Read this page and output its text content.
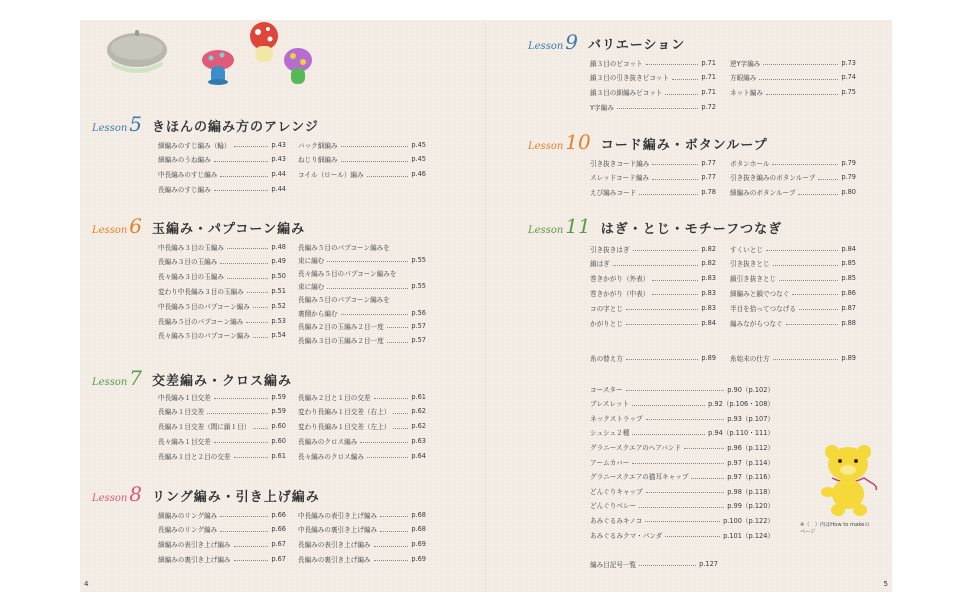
Lesson 5 きほんの編み方のアレンジ
細編みのすじ編み（輪）	p.43
細編みのうね編み	p.43
中長編みのすじ編み	p.44
長編みのすじ編み	p.44
バック細編み	p.45
ねじり細編み	p.45
コイル（ロール）編み	p.46
Lesson 6 玉編み・パプコーン編み
中長編み３目の玉編み	p.48
長編み３目の玉編み	p.49
長々編み３目の玉編み	p.50
変わり中長編み３目の玉編み	p.51
中長編み５目のパプコーン編み	p.52
長編み５目のパプコーン編み	p.53
長々編み５目のパプコーン編み	p.54
長編み５目のパプコーン編みを
束に編む	p.55
長々編み５目のパプコーン編みを
束に編む	p.55
長編み５目のパプコーン編みを
裏側から編む	p.56
長編み２目の玉編み２目一度	p.57
長編み３目の玉編み２目一度	p.57
Lesson 7 交差編み・クロス編み
中長編み１目交差	p.59
長編み１目交差	p.59
長編み１目交差（間に鎖１目）	p.60
長々編み１目交差	p.60
長編み１目と２目の交差	p.61
長編み２目と１目の交差	p.61
変わり長編み１目交差（右上）	p.62
変わり長編み１目交差（左上）	p.62
長編みのクロス編み	p.63
長々編みのクロス編み	p.64
Lesson 8 リング編み・引き上げ編み
細編みのリング編み	p.66
長編みのリング編み	p.66
細編みの表引き上げ編み	p.67
細編みの裏引き上げ編み	p.67
中長編みの表引き上げ編み	p.68
中長編みの裏引き上げ編み	p.68
長編みの表引き上げ編み	p.69
長編みの裏引き上げ編み	p.69
4
Lesson 9 バリエーション
鎖３目のピコット	p.71
鎖３目の引き抜きピコット	p.71
鎖３目の細編みピコット	p.71
Y字編み	p.72
逆Y字編み	p.73
方眼編み	p.74
ネット編み	p.75
Lesson 10 コード編み・ボタンループ
引き抜きコード編み	p.77
スレッドコード編み	p.77
えび編みコード	p.78
ボタンホール	p.79
引き抜き編みのボタンループ	p.79
細編みのボタンループ	p.80
Lesson 11 はぎ・とじ・モチーフつなぎ
引き抜きはぎ	p.82
鎖はぎ	p.82
巻きかがり（外表）	p.83
巻きかがり（中表）	p.83
コの字とじ	p.83
かがりとじ	p.84
すくいとじ	p.84
引き抜きとじ	p.85
鎖引き抜きとじ	p.85
細編みと鎖でつなぐ	p.86
半目を拾ってつなげる	p.87
編みながらつなぐ	p.88
糸の替え方	p.89 糸始末の仕方	p.89
コースター	p.90（p.102）
ブレスレット	p.92（p.106・108）
ネックストラップ	p.93（p.107）
シュシュ２種	p.94（p.110・111）
グラニースクエアのヘアバンド	p.96（p.112）
アームカバー	p.97（p.114）
グラニースクエアの猫耳キャップ	p.97（p.116）
どんぐりキャップ	p.98（p.118）
どんぐりベレー	p.99（p.120）
あみぐるみキノコ	p.100（p.122）
あみぐるみクマ・パンダ	p.101（p.124）
編み目記号一覧	p.127
※（　）内はHow to makeの
ページ
5
